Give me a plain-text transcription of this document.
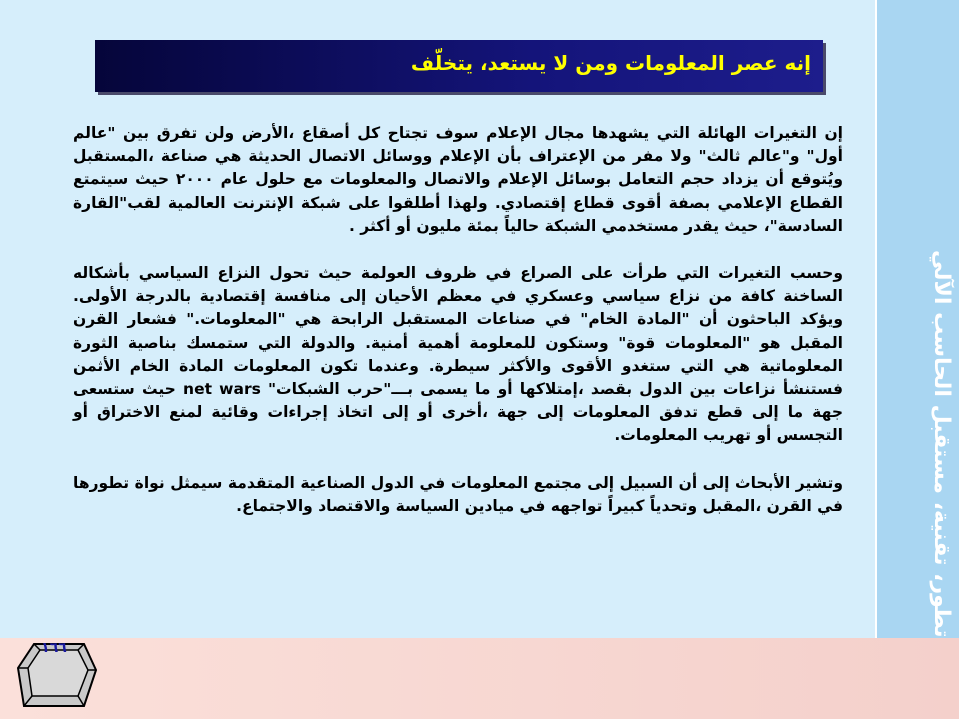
تطور، تقنية، مستقبل الحاسب الآلي
إنه عصر المعلومات ومن لا يستعد، يتخلّف

إن التغيرات الهائلة التي يشهدها مجال الإعلام سوف تجتاح كل أصقاع ،الأرض ولن تفرق بين "عالم أول" و"عالم ثالث" ولا مفر من الإعتراف بأن الإعلام ووسائل الاتصال الحديثة هي صناعة ،المستقبل ويُتوقع أن يزداد حجم التعامل بوسائل الإعلام والاتصال والمعلومات مع حلول عام ٢٠٠٠ حيث سيتمتع القطاع الإعلامي بصفة أقوى قطاع إقتصادي. ولهذا أطلقوا على شبكة الإنترنت العالمية لقب"القارة السادسة"، حيث يقدر مستخدمي الشبكة حالياً بمئة مليون أو أكثر .

وحسب التغيرات التي طرأت على الصراع في ظروف العولمة حيث تحول النزاع السياسي بأشكاله الساخنة كافة من نزاع سياسي وعسكري في معظم الأحيان إلى منافسة إقتصادية بالدرجة الأولى. ويؤكد الباحثون أن "المادة الخام" في صناعات المستقبل الرابحة هي "المعلومات." فشعار القرن المقبل هو "المعلومات قوة" وستكون للمعلومة أهمية أمنية. والدولة التي ستمسك بناصية الثورة المعلوماتية هي التي ستغدو الأقوى والأكثر سيطرة. وعندما تكون المعلومات المادة الخام الأثمن فستنشأ نزاعات بين الدول بقصد ،إمتلاكها أو ما يسمى بـــ"حرب الشبكات" net wars حيث ستسعى جهة ما إلى قطع تدفق المعلومات إلى جهة ،أخرى أو إلى اتخاذ إجراءات وقائية لمنع الاختراق أو التجسس أو تهريب المعلومات.

وتشير الأبحاث إلى أن السبيل إلى مجتمع المعلومات في الدول الصناعية المتقدمة سيمثل نواة تطورها في القرن ،المقبل وتحدياً كبيراً تواجهه في ميادين السياسة والاقتصاد والاجتماع.

١٦٦
